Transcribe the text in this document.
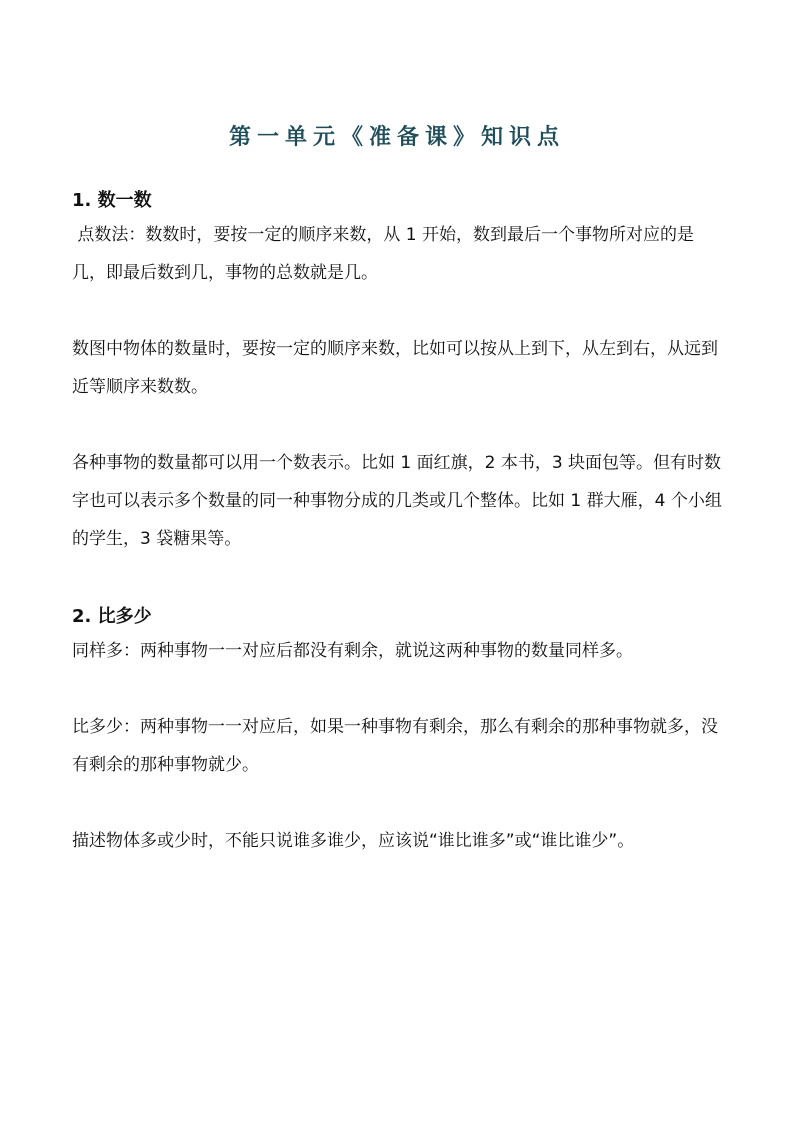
第一单元《准备课》知识点

1. 数一数

点数法：数数时，要按一定的顺序来数，从 1 开始，数到最后一个事物所对应的是几，即最后数到几，事物的总数就是几。

数图中物体的数量时，要按一定的顺序来数，比如可以按从上到下，从左到右，从远到近等顺序来数数。

各种事物的数量都可以用一个数表示。比如 1 面红旗，2 本书，3 块面包等。但有时数字也可以表示多个数量的同一种事物分成的几类或几个整体。比如 1 群大雁，4 个小组的学生，3 袋糖果等。

2. 比多少

同样多：两种事物一一对应后都没有剩余，就说这两种事物的数量同样多。

比多少：两种事物一一对应后，如果一种事物有剩余，那么有剩余的那种事物就多，没有剩余的那种事物就少。

描述物体多或少时，不能只说谁多谁少，应该说“谁比谁多”或“谁比谁少”。
